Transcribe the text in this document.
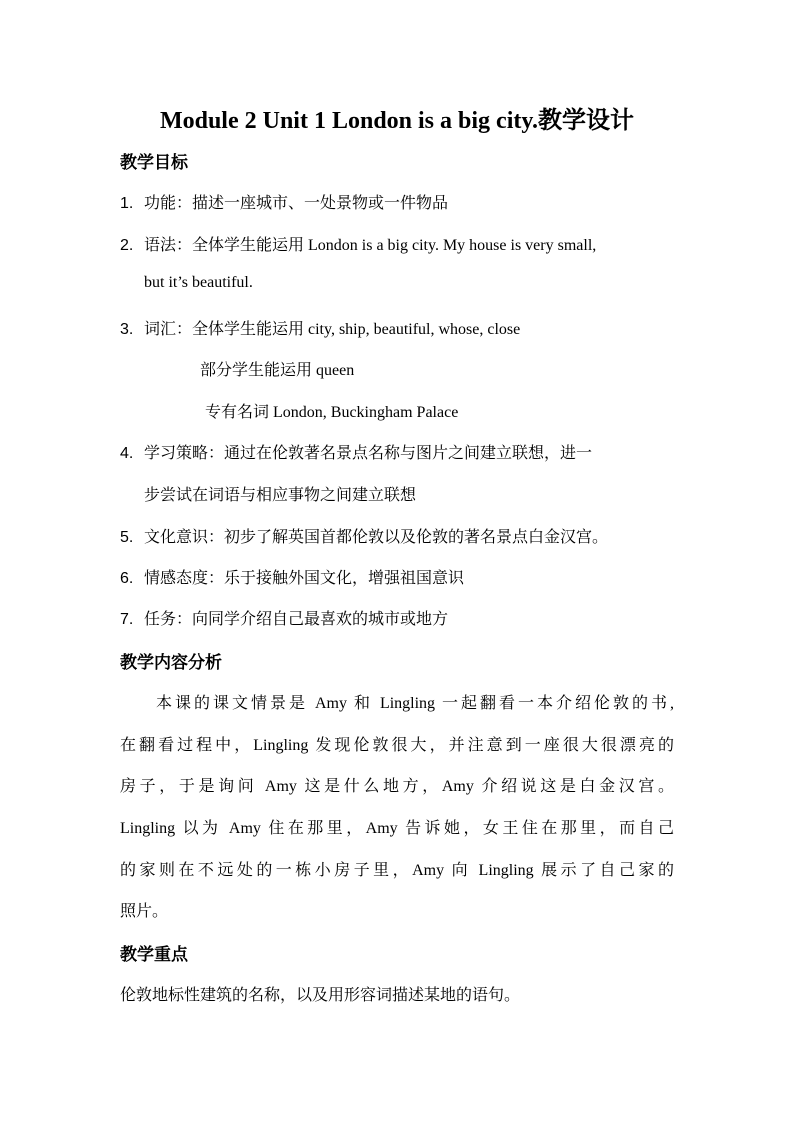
Module 2 Unit 1 London is a big city.教学设计
教学目标
1. 功能：描述一座城市、一处景物或一件物品
2. 语法：全体学生能运用 London is a big city. My house is very small,
but it’s beautiful.
3. 词汇：全体学生能运用 city, ship, beautiful, whose, close
部分学生能运用 queen
专有名词 London, Buckingham Palace
4. 学习策略：通过在伦敦著名景点名称与图片之间建立联想，进一
步尝试在词语与相应事物之间建立联想
5. 文化意识：初步了解英国首都伦敦以及伦敦的著名景点白金汉宫。
6. 情感态度：乐于接触外国文化，增强祖国意识
7. 任务：向同学介绍自己最喜欢的城市或地方
教学内容分析
本课的课文情景是 Amy 和 Lingling 一起翻看一本介绍伦敦的书,
在翻看过程中，Lingling 发现伦敦很大，并注意到一座很大很漂亮的
房子，于是询问 Amy 这是什么地方，Amy 介绍说这是白金汉宫。
Lingling 以为 Amy 住在那里，Amy 告诉她，女王住在那里，而自己
的家则在不远处的一栋小房子里，Amy 向 Lingling 展示了自己家的
照片。
教学重点
伦敦地标性建筑的名称，以及用形容词描述某地的语句。
